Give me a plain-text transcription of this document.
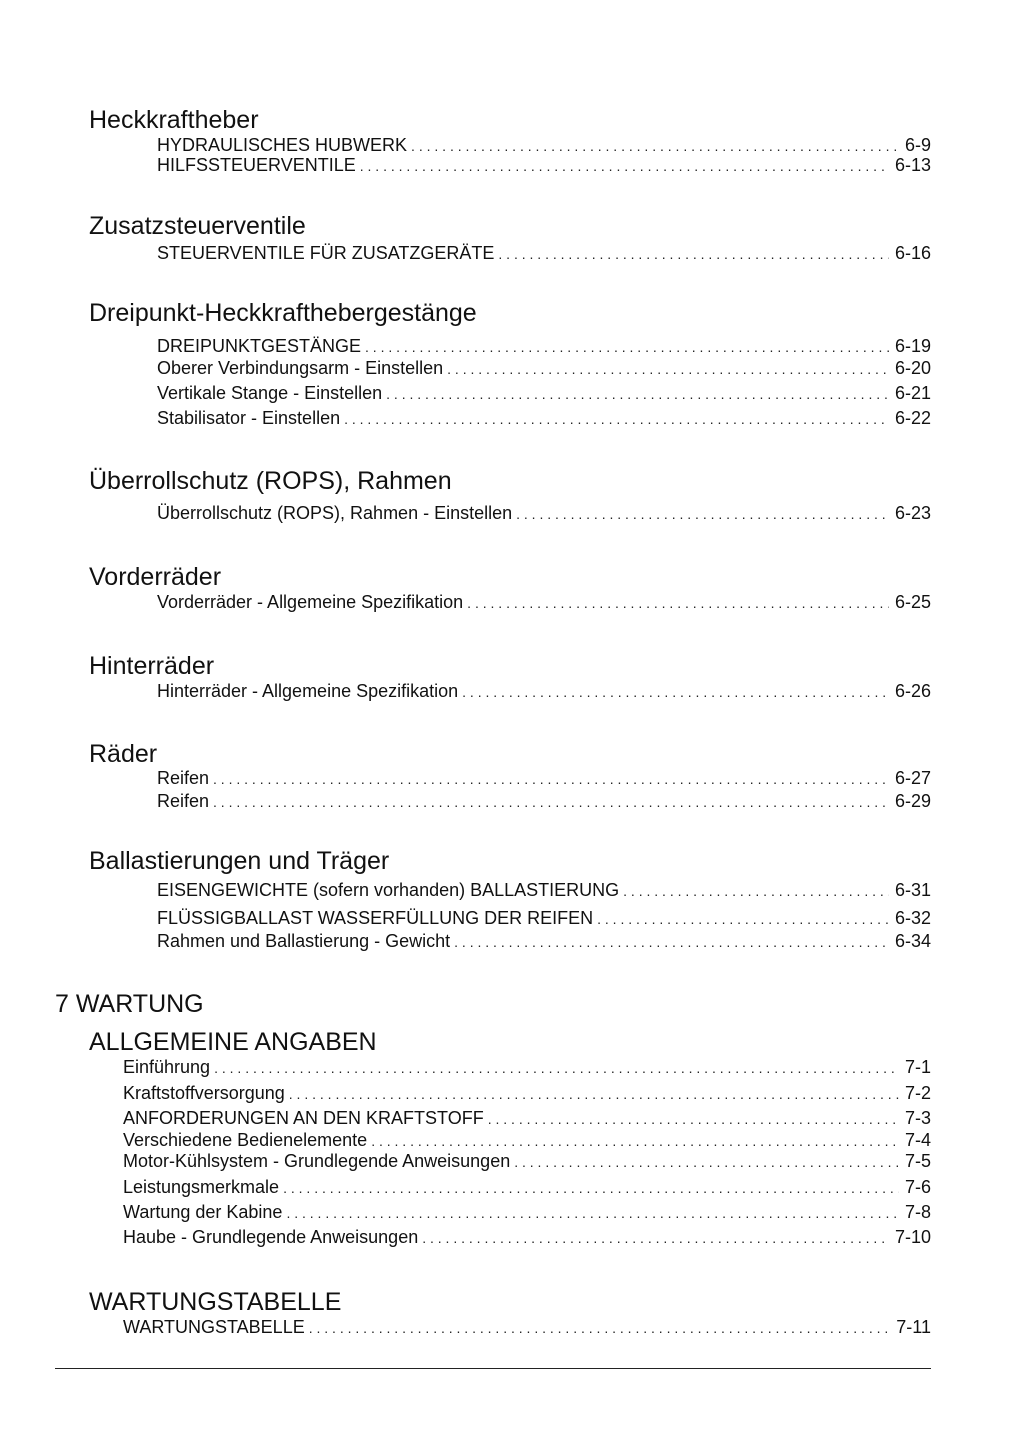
Heckkraftheber
HYDRAULISCHES HUBWERK . . .	6-9
HILFSSTEUERVENTILE . . .	6-13
Zusatzsteuerventile
STEUERVENTILE FÜR ZUSATZGERÄTE . . .	6-16
Dreipunkt-Heckkrafthebergestänge
DREIPUNKTGESTÄNGE . . .	6-19
Oberer Verbindungsarm - Einstellen . . .	6-20
Vertikale Stange - Einstellen . . .	6-21
Stabilisator - Einstellen . . .	6-22
Überrollschutz (ROPS), Rahmen
Überrollschutz (ROPS), Rahmen - Einstellen . . .	6-23
Vorderräder
Vorderräder - Allgemeine Spezifikation . . .	6-25
Hinterräder
Hinterräder - Allgemeine Spezifikation . . .	6-26
Räder
Reifen . . .	6-27
Reifen . . .	6-29
Ballastierungen und Träger
EISENGEWICHTE (sofern vorhanden) BALLASTIERUNG . . .	6-31
FLÜSSIGBALLAST WASSERFÜLLUNG DER REIFEN . . .	6-32
Rahmen und Ballastierung - Gewicht . . .	6-34
7 WARTUNG
ALLGEMEINE ANGABEN
Einführung . . .	7-1
Kraftstoffversorgung . . .	7-2
ANFORDERUNGEN AN DEN KRAFTSTOFF . . .	7-3
Verschiedene Bedienelemente . . .	7-4
Motor-Kühlsystem - Grundlegende Anweisungen . . .	7-5
Leistungsmerkmale . . .	7-6
Wartung der Kabine . . .	7-8
Haube - Grundlegende Anweisungen . . .	7-10
WARTUNGSTABELLE
WARTUNGSTABELLE . . .	7-11
